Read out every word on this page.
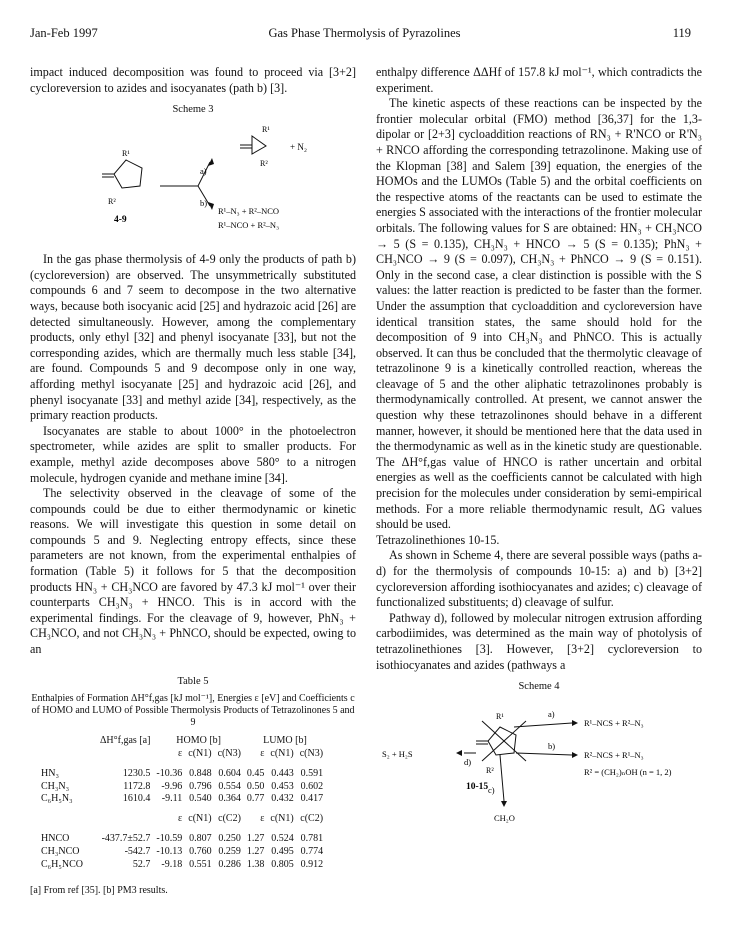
Jan-Feb 1997	Gas Phase Thermolysis of Pyrazolines	119

impact induced decomposition was found to proceed via [3+2] cycloreversion to azides and isocyanates (path b) [3].

Scheme 3
R¹
R²
4-9
a)
b)
R¹
R²
+ N₂
R¹–N₃ + R²–NCO
R¹–NCO + R²–N₃

In the gas phase thermolysis of 4-9 only the products of path b) (cycloreversion) are observed. The unsymmetrically substituted compounds 6 and 7 seem to decompose in the two alternative ways, because both isocyanic acid [25] and hydrazoic acid [26] are detected simultaneously. However, among the complementary products, only ethyl [32] and phenyl isocyanate [33], but not the corresponding azides, which are thermally much less stable [34], are found. Compounds 5 and 9 decompose only in one way, affording methyl isocyanate [25] and hydrazoic acid [26], and phenyl isocyanate [33] and methyl azide [34], respectively, as the primary reaction products.

Isocyanates are stable to about 1000° in the photoelectron spectrometer, while azides are split to smaller products. For example, methyl azide decomposes above 580° to a nitrogen molecule, hydrogen cyanide and methane imine [34].

The selectivity observed in the cleavage of some of the compounds could be due to either thermodynamic or kinetic reasons. We will investigate this question in some detail on compounds 5 and 9. Neglecting entropy effects, since these parameters are not known, from the experimental enthalpies of formation (Table 5) it follows for 5 that the decomposition products HN₃ + CH₃NCO are favored by 47.3 kJ mol⁻¹ over their counterparts CH₃N₃ + HNCO. This is in accord with the experimental findings. For the cleavage of 9, however, PhN₃ + CH₃NCO, and not CH₃N₃ + PhNCO, should be expected, owing to an

Table 5
Enthalpies of Formation ΔH°f,gas [kJ mol⁻¹], Energies ε [eV] and Coefficients c of HOMO and LUMO of Possible Thermolysis Products of Tetrazolinones 5 and 9
	ΔH°f,gas [a]	HOMO [b]			LUMO [b]		
		ε	c(N1)	c(N3)	ε	c(N1)	c(N3)
HN₃	1230.5	-10.36	0.848	0.604	0.45	0.443	0.591
CH₃N₃	1172.8	-9.96	0.796	0.554	0.50	0.453	0.602
C₆H₅N₃	1610.4	-9.11	0.540	0.364	0.77	0.432	0.417
		ε	c(N1)	c(C2)	ε	c(N1)	c(C2)
HNCO	-437.7±52.7	-10.59	0.807	0.250	1.27	0.524	0.781
CH₃NCO	-542.7	-10.13	0.760	0.259	1.27	0.495	0.774
C₆H₅NCO	52.7	-9.18	0.551	0.286	1.38	0.805	0.912
[a] From ref [35]. [b] PM3 results.

enthalpy difference ΔΔHf of 157.8 kJ mol⁻¹, which contradicts the experiment.

The kinetic aspects of these reactions can be inspected by the frontier molecular orbital (FMO) method [36,37] for the 1,3-dipolar or [2+3] cycloaddition reactions of RN₃ + R'NCO or R'N₃ + RNCO affording the corresponding tetrazolinone. Making use of the Klopman [38] and Salem [39] equation, the energies of the HOMOs and the LUMOs (Table 5) and the orbital coefficients on the respective atoms of the reactants can be used to estimate the energies S associated with the interactions of the frontier molecular orbitals. The following values for S are obtained: HN₃ + CH₃NCO → 5 (S = 0.135), CH₃N₃ + HNCO → 5 (S = 0.135); PhN₃ + CH₃NCO → 9 (S = 0.097), CH₃N₃ + PhNCO → 9 (S = 0.151). Only in the second case, a clear distinction is possible with the S values: the latter reaction is predicted to be faster than the former. Under the assumption that cycloaddition and cycloreversion have identical transition states, the same should hold for the decomposition of 9 into CH₃N₃ and PhNCO. This is actually observed. It can thus be concluded that the thermolytic cleavage of tetrazolinone 9 is a kinetically controlled reaction, whereas the cleavage of 5 and the other aliphatic tetrazolinones probably is thermodynamically controlled. At present, we cannot answer the question why these tetrazolinones should behave in a different manner, however, it should be mentioned here that the data used in the thermodynamic as well as in the kinetic study are questionable. The ΔH°f,gas value of HNCO is rather uncertain and orbital energies as well as the coefficients cannot be calculated with high precision for the molecules under consideration by semi-empirical methods. For a more reliable thermodynamic result, ΔG values should be used.

Tetrazolinethiones 10-15.

As shown in Scheme 4, there are several possible ways (paths a-d) for the thermolysis of compounds 10-15: a) and b) [3+2] cycloreversion affording isothiocyanates and azides; c) cleavage of functionalized substituents; d) cleavage of sulfur.

Pathway d), followed by molecular nitrogen extrusion affording carbodiimides, was determined as the main way of photolysis of tetrazolinethiones [3]. However, [3+2] cycloreversion to isothiocyanates and azides (pathways a

Scheme 4
R¹
R²
a)
b)
c)
d)
S₂ + H₂S
R¹–NCS + R²–N₃
R²–NCS + R¹–N₃
R² = (CH₂)ₙOH (n = 1, 2)
10-15
CH₂O
